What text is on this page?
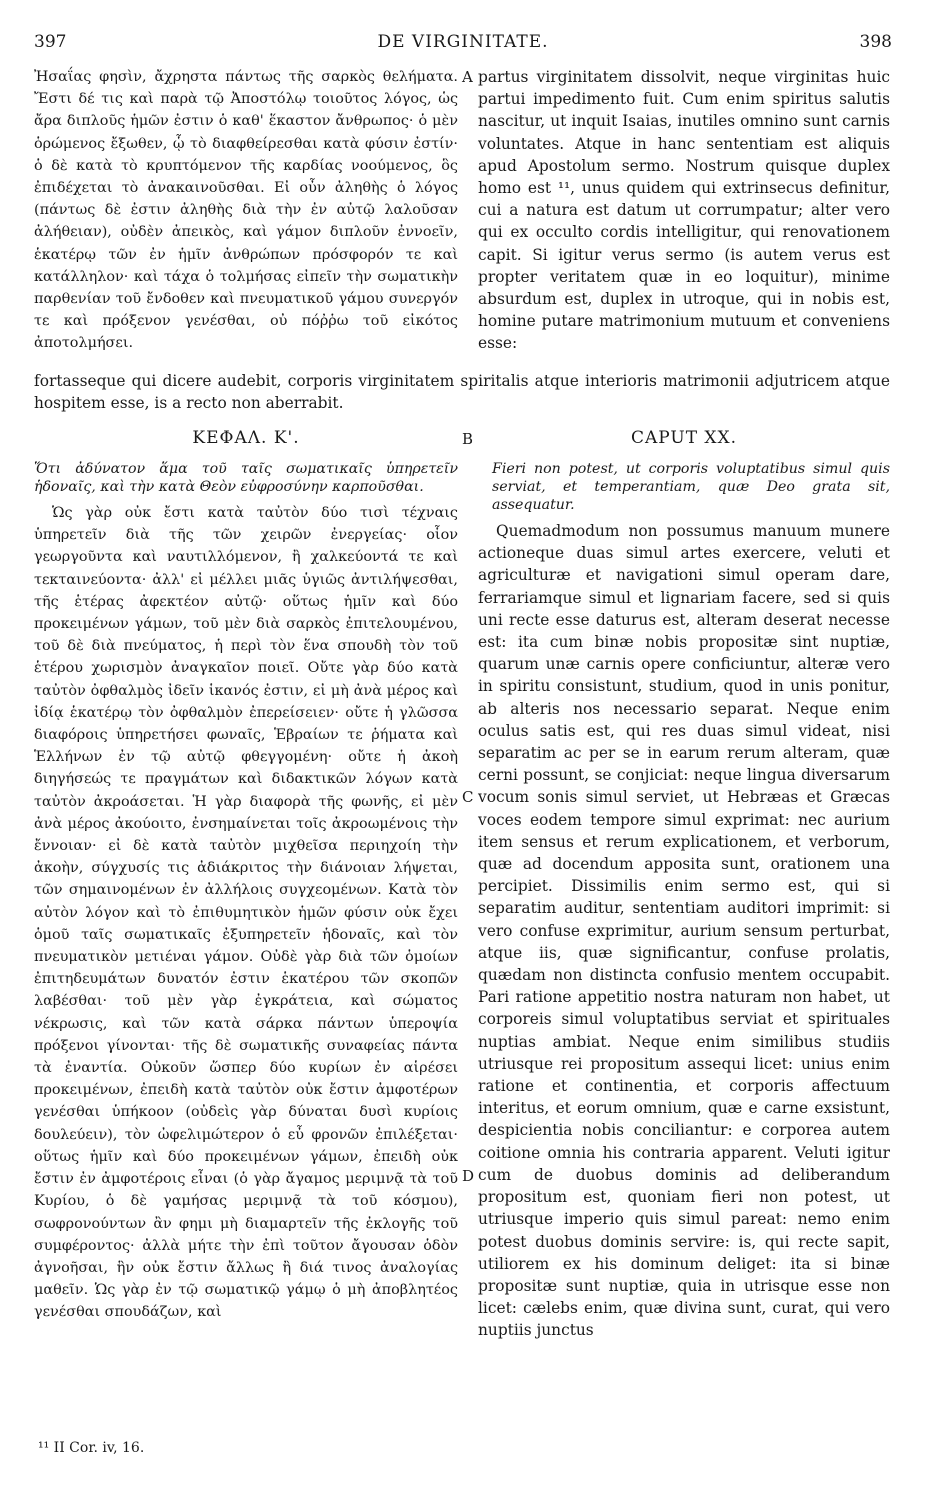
397	DE VIRGINITATE.	398

Ἠσαΐας φησὶν, ἄχρηστα πάντως τῆς σαρκὸς θελήματα. Ἔστι δέ τις καὶ παρὰ τῷ Ἀποστόλῳ τοιοῦτος λόγος, ὡς ἄρα διπλοῦς ἡμῶν ἐστιν ὁ καθ' ἕκαστον ἄνθρωπος· ὁ μὲν ὁρώμενος ἔξωθεν, ᾧ τὸ διαφθείρεσθαι κατὰ φύσιν ἐστίν· ὁ δὲ κατὰ τὸ κρυπτόμενον τῆς καρδίας νοούμενος, ὃς ἐπιδέχεται τὸ ἀνακαινοῦσθαι. Εἰ οὖν ἀληθὴς ὁ λόγος (πάντως δὲ ἐστιν ἀληθὴς διὰ τὴν ἐν αὐτῷ λαλοῦσαν ἀλήθειαν), οὐδὲν ἀπεικὸς, καὶ γάμον διπλοῦν ἐννοεῖν, ἑκατέρῳ τῶν ἐν ἡμῖν ἀνθρώπων πρόσφορόν τε καὶ κατάλληλον· καὶ τάχα ὁ τολμήσας εἰπεῖν τὴν σωματικὴν παρθενίαν τοῦ ἔνδοθεν καὶ πνευματικοῦ γάμου συνεργόν τε καὶ πρόξενον γενέσθαι, οὐ πόῤῥω τοῦ εἰκότος ἀποτολμήσει.

partus virginitatem dissolvit, neque virginitas huic partui impedimento fuit. Cum enim spiritus salutis nascitur, ut inquit Isaias, inutiles omnino sunt carnis voluntates. Atque in hanc sententiam est aliquis apud Apostolum sermo. Nostrum quisque duplex homo est ¹¹, unus quidem qui extrinsecus definitur, cui a natura est datum ut corrumpatur; alter vero qui ex occulto cordis intelligitur, qui renovationem capit. Si igitur verus sermo (is autem verus est propter veritatem quæ in eo loquitur), minime absurdum est, duplex in utroque, qui in nobis est, homine putare matrimonium mutuum et conveniens esse:

fortasseque qui dicere audebit, corporis virginitatem spiritalis atque interioris matrimonii adjutricem atque hospitem esse, is a recto non aberrabit.
ΚΕΦΑΛ. Κ'.	CAPUT XX.

Ὅτι ἀδύνατον ἅμα τοῦ ταῖς σωματικαῖς ὑπηρετεῖν ἡδοναῖς, καὶ τὴν κατὰ Θεὸν εὐφροσύνην καρποῦσθαι.

Ὡς γὰρ οὐκ ἔστι κατὰ ταὐτὸν δύο τισὶ τέχναις ὑπηρετεῖν διὰ τῆς τῶν χειρῶν ἐνεργείας· οἷον γεωργοῦντα καὶ ναυτιλλόμενον, ἢ χαλκεύοντά τε καὶ τεκταινεύοντα· ἀλλ' εἰ μέλλει μιᾶς ὑγιῶς ἀντιλήψεσθαι, τῆς ἑτέρας ἀφεκτέον αὐτῷ· οὕτως ἡμῖν καὶ δύο προκειμένων γάμων, τοῦ μὲν διὰ σαρκὸς ἐπιτελουμένου, τοῦ δὲ διὰ πνεύματος, ἡ περὶ τὸν ἕνα σπουδὴ τὸν τοῦ ἑτέρου χωρισμὸν ἀναγκαῖον ποιεῖ. Οὔτε γὰρ δύο κατὰ ταὐτὸν ὀφθαλμὸς ἰδεῖν ἱκανός ἐστιν, εἰ μὴ ἀνὰ μέρος καὶ ἰδίᾳ ἑκατέρῳ τὸν ὀφθαλμὸν ἐπερείσειεν· οὔτε ἡ γλῶσσα διαφόροις ὑπηρετήσει φωναῖς, Ἑβραίων τε ῥήματα καὶ Ἑλλήνων ἐν τῷ αὐτῷ φθεγγομένη· οὔτε ἡ ἀκοὴ διηγήσεώς τε πραγμάτων καὶ διδακτικῶν λόγων κατὰ ταὐτὸν ἀκροάσεται. Ἡ γὰρ διαφορὰ τῆς φωνῆς, εἰ μὲν ἀνὰ μέρος ἀκούοιτο, ἐνσημαίνεται τοῖς ἀκροωμένοις τὴν ἔννοιαν· εἰ δὲ κατὰ ταὐτὸν μιχθεῖσα περιηχοίη τὴν ἀκοὴν, σύγχυσίς τις ἀδιάκριτος τὴν διάνοιαν λήψεται, τῶν σημαινομένων ἐν ἀλλήλοις συγχεομένων. Κατὰ τὸν αὐτὸν λόγον καὶ τὸ ἐπιθυμητικὸν ἡμῶν φύσιν οὐκ ἔχει ὁμοῦ ταῖς σωματικαῖς ἐξυπηρετεῖν ἡδοναῖς, καὶ τὸν πνευματικὸν μετιέναι γάμον. Οὐδὲ γὰρ διὰ τῶν ὁμοίων ἐπιτηδευμάτων δυνατόν ἐστιν ἑκατέρου τῶν σκοπῶν λαβέσθαι· τοῦ μὲν γὰρ ἐγκράτεια, καὶ σώματος νέκρωσις, καὶ τῶν κατὰ σάρκα πάντων ὑπεροψία πρόξενοι γίνονται· τῆς δὲ σωματικῆς συναφείας πάντα τὰ ἐναντία. Οὐκοῦν ὥσπερ δύο κυρίων ἐν αἱρέσει προκειμένων, ἐπειδὴ κατὰ ταὐτὸν οὐκ ἔστιν ἀμφοτέρων γενέσθαι ὑπήκοον (οὐδεὶς γὰρ δύναται δυσὶ κυρίοις δουλεύειν), τὸν ὠφελιμώτερον ὁ εὖ φρονῶν ἐπιλέξεται· οὕτως ἡμῖν καὶ δύο προκειμένων γάμων, ἐπειδὴ οὐκ ἔστιν ἐν ἀμφοτέροις εἶναι (ὁ γὰρ ἄγαμος μεριμνᾷ τὰ τοῦ Κυρίου, ὁ δὲ γαμήσας μεριμνᾷ τὰ τοῦ κόσμου), σωφρονούντων ἂν φημι μὴ διαμαρτεῖν τῆς ἐκλογῆς τοῦ συμφέροντος· ἀλλὰ μήτε τὴν ἐπὶ τοῦτον ἄγουσαν ὁδὸν ἀγνοῆσαι, ἣν οὐκ ἔστιν ἄλλως ἢ διά τινος ἀναλογίας μαθεῖν. Ὡς γὰρ ἐν τῷ σωματικῷ γάμῳ ὁ μὴ ἀποβλητέος γενέσθαι σπουδάζων, καὶ

Fieri non potest, ut corporis voluptatibus simul quis serviat, et temperantiam, quæ Deo grata sit, assequatur.

Quemadmodum non possumus manuum munere actioneque duas simul artes exercere, veluti et agriculturæ et navigationi simul operam dare, ferrariamque simul et lignariam facere, sed si quis uni recte esse daturus est, alteram deserat necesse est: ita cum binæ nobis propositæ sint nuptiæ, quarum unæ carnis opere conficiuntur, alteræ vero in spiritu consistunt, studium, quod in unis ponitur, ab alteris nos necessario separat. Neque enim oculus satis est, qui res duas simul videat, nisi separatim ac per se in earum rerum alteram, quæ cerni possunt, se conjiciat: neque lingua diversarum vocum sonis simul serviet, ut Hebræas et Græcas voces eodem tempore simul exprimat: nec aurium item sensus et rerum explicationem, et verborum, quæ ad docendum apposita sunt, orationem una percipiet. Dissimilis enim sermo est, qui si separatim auditur, sententiam auditori imprimit: si vero confuse exprimitur, aurium sensum perturbat, atque iis, quæ significantur, confuse prolatis, quædam non distincta confusio mentem occupabit. Pari ratione appetitio nostra naturam non habet, ut corporeis simul voluptatibus serviat et spirituales nuptias ambiat. Neque enim similibus studiis utriusque rei propositum assequi licet: unius enim ratione et continentia, et corporis affectuum interitus, et eorum omnium, quæ e carne exsistunt, despicientia nobis conciliantur: e corporea autem coitione omnia his contraria apparent. Veluti igitur cum de duobus dominis ad deliberandum propositum est, quoniam fieri non potest, ut utriusque imperio quis simul pareat: nemo enim potest duobus dominis servire: is, qui recte sapit, utiliorem ex his dominum deliget: ita si binæ propositæ sunt nuptiæ, quia in utrisque esse non licet: cælebs enim, quæ divina sunt, curat, qui vero nuptiis junctus

A
B
C
D
¹¹ II Cor. iv, 16.
